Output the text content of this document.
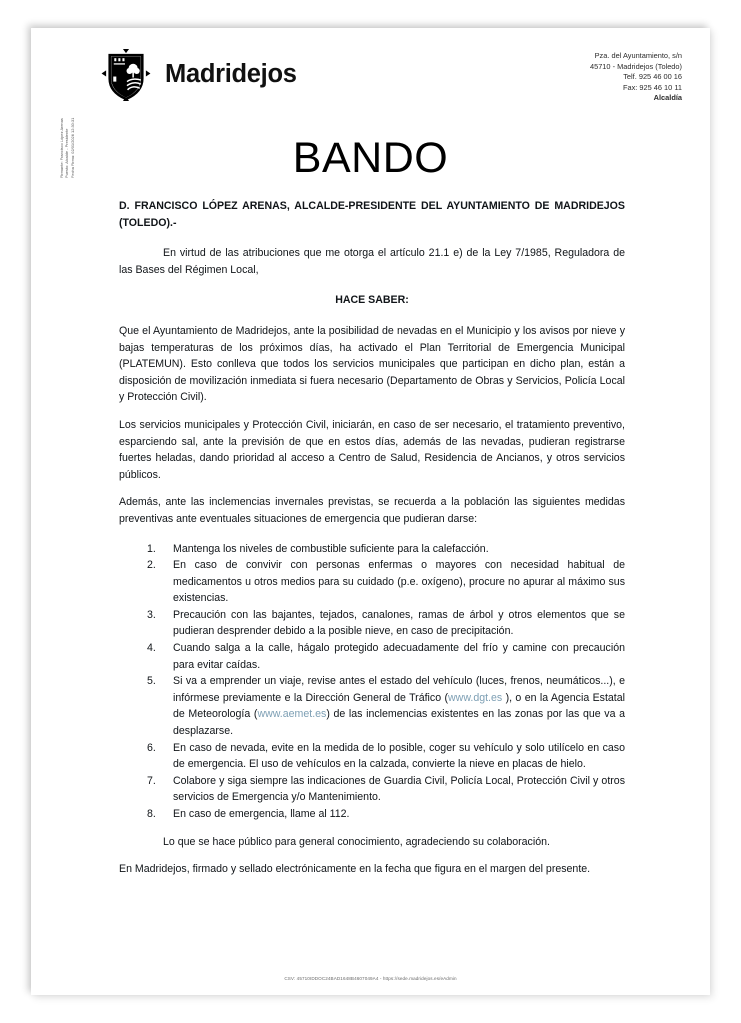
Firmante: Francisco López Arenas Puesto: Alcalde - Presidente Fecha Firma: 02/01/2026 12:30:31
Madridejos
Pza. del Ayuntamiento, s/n
45710 - Madridejos (Toledo)
Telf. 925 46 00 16
Fax: 925 46 10 11
Alcaldía
BANDO

D. FRANCISCO LÓPEZ ARENAS, ALCALDE-PRESIDENTE DEL AYUNTAMIENTO DE MADRIDEJOS (TOLEDO).-

En virtud de las atribuciones que me otorga el artículo 21.1 e) de la Ley 7/1985, Reguladora de las Bases del Régimen Local,

HACE SABER:

Que el Ayuntamiento de Madridejos, ante la posibilidad de nevadas en el Municipio y los avisos por nieve y bajas temperaturas de los próximos días, ha activado el Plan Territorial de Emergencia Municipal (PLATEMUN). Esto conlleva que todos los servicios municipales que participan en dicho plan, están a disposición de movilización inmediata si fuera necesario (Departamento de Obras y Servicios, Policía Local y Protección Civil).

Los servicios municipales y Protección Civil, iniciarán, en caso de ser necesario, el tratamiento preventivo, esparciendo sal, ante la previsión de que en estos días, además de las nevadas, pudieran registrarse fuertes heladas, dando prioridad al acceso a Centro de Salud, Residencia de Ancianos, y otros servicios públicos.

Además, ante las inclemencias invernales previstas, se recuerda a la población las siguientes medidas preventivas ante eventuales situaciones de emergencia que pudieran darse:

Mantenga los niveles de combustible suficiente para la calefacción.
En caso de convivir con personas enfermas o mayores con necesidad habitual de medicamentos u otros medios para su cuidado (p.e. oxígeno), procure no apurar al máximo sus existencias.
Precaución con las bajantes, tejados, canalones, ramas de árbol y otros elementos que se pudieran desprender debido a la posible nieve, en caso de precipitación.
Cuando salga a la calle, hágalo protegido adecuadamente del frío y camine con precaución para evitar caídas.
Si va a emprender un viaje, revise antes el estado del vehículo (luces, frenos, neumáticos...), e infórmese previamente e la Dirección General de Tráfico (www.dgt.es ), o en la Agencia Estatal de Meteorología (www.aemet.es) de las inclemencias existentes en las zonas por las que va a desplazarse.
En caso de nevada, evite en la medida de lo posible, coger su vehículo y solo utilícelo en caso de emergencia. El uso de vehículos en la calzada, convierte la nieve en placas de hielo.
Colabore y siga siempre las indicaciones de Guardia Civil, Policía Local, Protección Civil y otros servicios de Emergencia y/o Mantenimiento.
En caso de emergencia, llame al 112.

Lo que se hace público para general conocimiento, agradeciendo su colaboración.

En Madridejos, firmado y sellado electrónicamente en la fecha que figura en el margen del presente.

CSV: 45710IDDOC24BAD1648B4607049A4 - https://sede.madridejos.es/eAdmin
